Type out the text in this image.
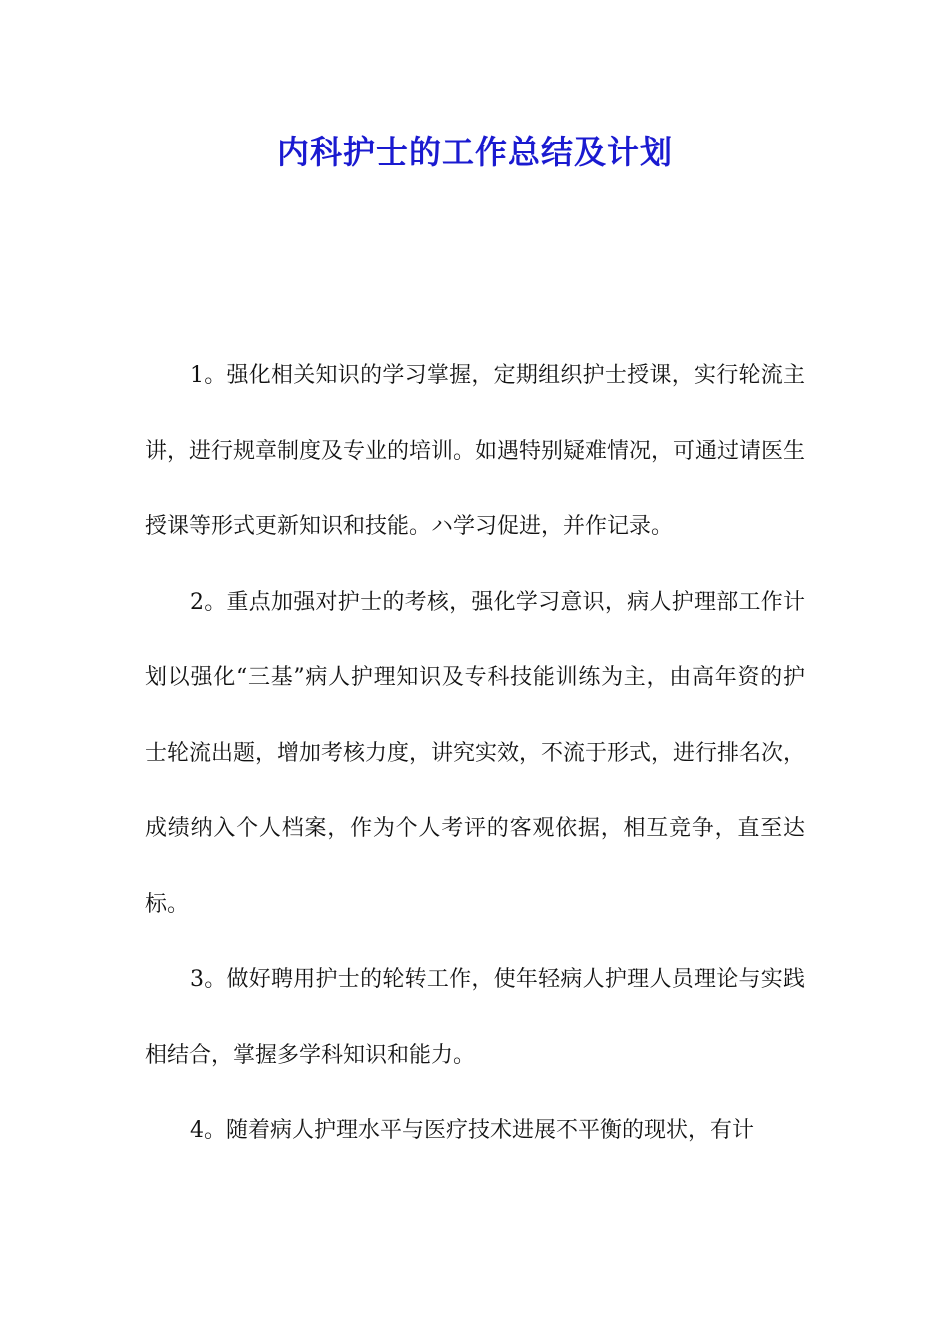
内科护士的工作总结及计划

1。强化相关知识的学习掌握，定期组织护士授课，实行轮流主讲，进行规章制度及专业的培训。如遇特别疑难情况，可通过请医生授课等形式更新知识和技能。ハ学习促进，并作记录。

2。重点加强对护士的考核，强化学习意识，病人护理部工作计划以强化“三基”病人护理知识及专科技能训练为主，由高年资的护士轮流出题，增加考核力度，讲究实效，不流于形式，进行排名次，成绩纳入个人档案，作为个人考评的客观依据，相互竞争，直至达标。

3。做好聘用护士的轮转工作，使年轻病人护理人员理论与实践相结合，掌握多学科知识和能力。

4。随着病人护理水平与医疗技术进展不平衡的现状，有计
